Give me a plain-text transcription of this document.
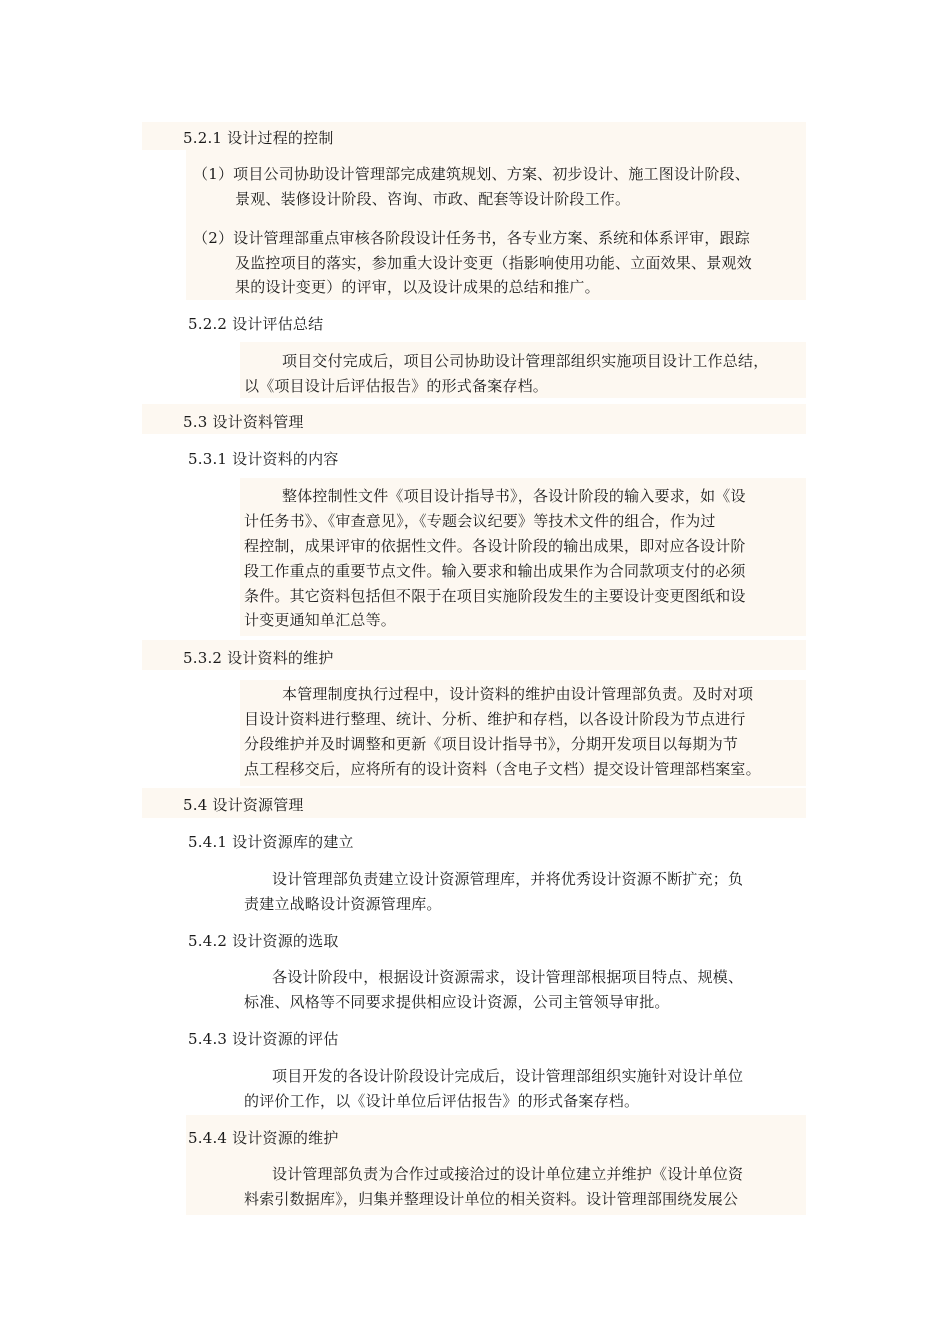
5.2.1 设计过程的控制
（1）项目公司协助设计管理部完成建筑规划、方案、初步设计、施工图设计阶段、
景观、装修设计阶段、咨询、市政、配套等设计阶段工作。
（2）设计管理部重点审核各阶段设计任务书，各专业方案、系统和体系评审，跟踪
及监控项目的落实，参加重大设计变更（指影响使用功能、立面效果、景观效
果的设计变更）的评审，以及设计成果的总结和推广。
5.2.2 设计评估总结
项目交付完成后，项目公司协助设计管理部组织实施项目设计工作总结，
以《项目设计后评估报告》的形式备案存档。
5.3 设计资料管理
5.3.1 设计资料的内容
整体控制性文件《项目设计指导书》，各设计阶段的输入要求，如《设
计任务书》、《审查意见》，《专题会议纪要》等技术文件的组合，作为过
程控制，成果评审的依据性文件。各设计阶段的输出成果，即对应各设计阶
段工作重点的重要节点文件。输入要求和输出成果作为合同款项支付的必须
条件。其它资料包括但不限于在项目实施阶段发生的主要设计变更图纸和设
计变更通知单汇总等。
5.3.2 设计资料的维护
本管理制度执行过程中，设计资料的维护由设计管理部负责。及时对项
目设计资料进行整理、统计、分析、维护和存档，以各设计阶段为节点进行
分段维护并及时调整和更新《项目设计指导书》，分期开发项目以每期为节
点工程移交后，应将所有的设计资料（含电子文档）提交设计管理部档案室。
5.4 设计资源管理
5.4.1 设计资源库的建立
设计管理部负责建立设计资源管理库，并将优秀设计资源不断扩充；负
责建立战略设计资源管理库。
5.4.2 设计资源的选取
各设计阶段中，根据设计资源需求，设计管理部根据项目特点、规模、
标准、风格等不同要求提供相应设计资源，公司主管领导审批。
5.4.3 设计资源的评估
项目开发的各设计阶段设计完成后，设计管理部组织实施针对设计单位
的评价工作，以《设计单位后评估报告》的形式备案存档。
5.4.4 设计资源的维护
设计管理部负责为合作过或接洽过的设计单位建立并维护《设计单位资
料索引数据库》，归集并整理设计单位的相关资料。设计管理部围绕发展公
